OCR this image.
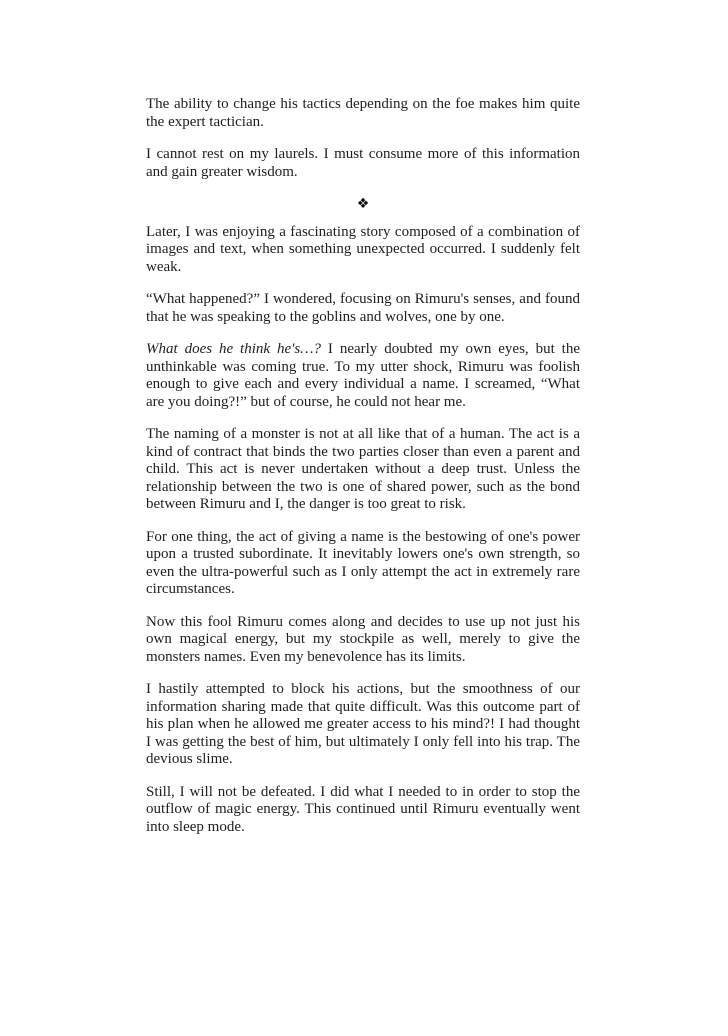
The ability to change his tactics depending on the foe makes him quite the expert tactician.

I cannot rest on my laurels. I must consume more of this information and gain greater wisdom.

❖

Later, I was enjoying a fascinating story composed of a combination of images and text, when something unexpected occurred. I suddenly felt weak.

“What happened?” I wondered, focusing on Rimuru's senses, and found that he was speaking to the goblins and wolves, one by one.

What does he think he's…? I nearly doubted my own eyes, but the unthinkable was coming true. To my utter shock, Rimuru was foolish enough to give each and every individual a name. I screamed, “What are you doing?!” but of course, he could not hear me.

The naming of a monster is not at all like that of a human. The act is a kind of contract that binds the two parties closer than even a parent and child. This act is never undertaken without a deep trust. Unless the relationship between the two is one of shared power, such as the bond between Rimuru and I, the danger is too great to risk.

For one thing, the act of giving a name is the bestowing of one's power upon a trusted subordinate. It inevitably lowers one's own strength, so even the ultra-powerful such as I only attempt the act in extremely rare circumstances.

Now this fool Rimuru comes along and decides to use up not just his own magical energy, but my stockpile as well, merely to give the monsters names. Even my benevolence has its limits.

I hastily attempted to block his actions, but the smoothness of our information sharing made that quite difficult. Was this outcome part of his plan when he allowed me greater access to his mind?! I had thought I was getting the best of him, but ultimately I only fell into his trap. The devious slime.

Still, I will not be defeated. I did what I needed to in order to stop the outflow of magic energy. This continued until Rimuru eventually went into sleep mode.
